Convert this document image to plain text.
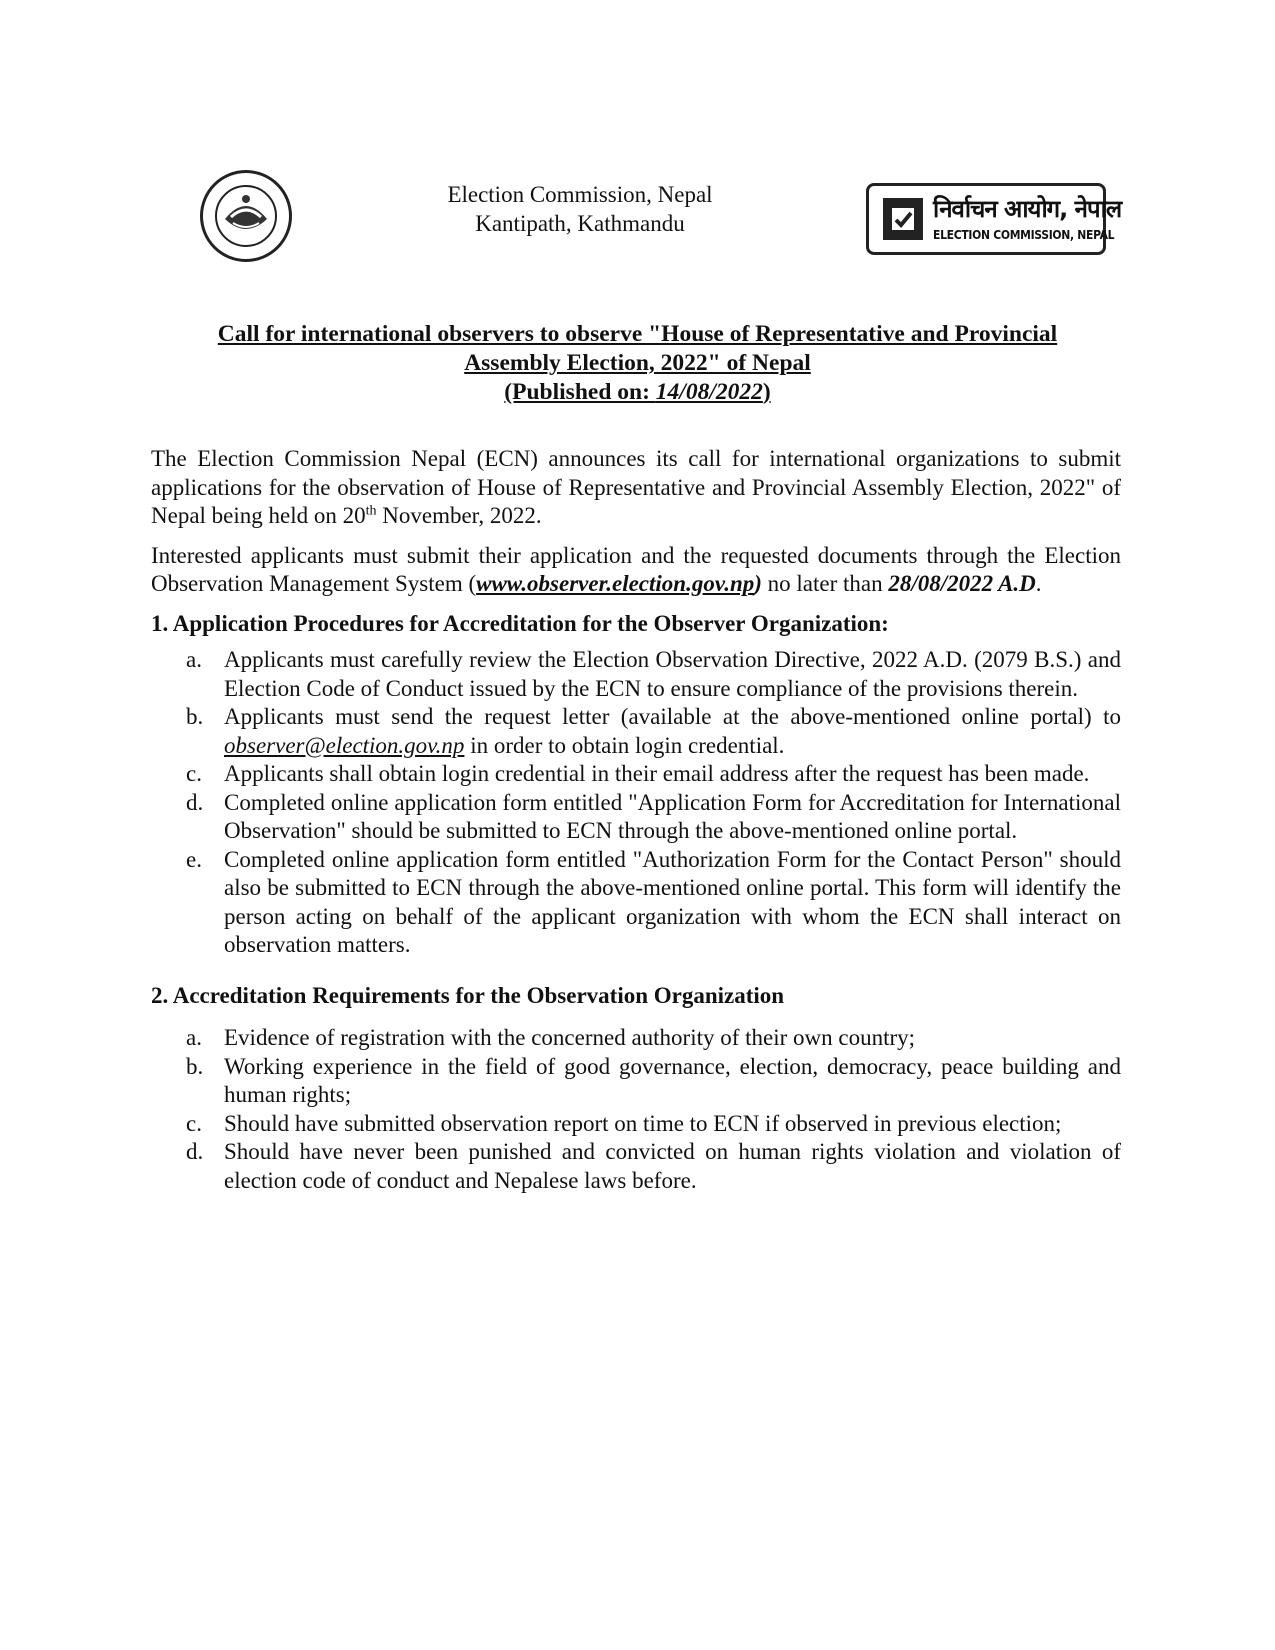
Election Commission, Nepal
Kantipath, Kathmandu
निर्वाचन आयोग, नेपाल
ELECTION COMMISSION, NEPAL
Call for international observers to observe "House of Representative and Provincial
Assembly Election, 2022" of Nepal
(Published on: 14/08/2022)

The Election Commission Nepal (ECN) announces its call for international organizations to submit applications for the observation of House of Representative and Provincial Assembly Election, 2022" of Nepal being held on 20th November, 2022.

Interested applicants must submit their application and the requested documents through the Election Observation Management System (www.observer.election.gov.np) no later than 28/08/2022 A.D.

1. Application Procedures for Accreditation for the Observer Organization:
a. Applicants must carefully review the Election Observation Directive, 2022 A.D. (2079 B.S.) and Election Code of Conduct issued by the ECN to ensure compliance of the provisions therein.
b. Applicants must send the request letter (available at the above-mentioned online portal) to observer@election.gov.np in order to obtain login credential.
c. Applicants shall obtain login credential in their email address after the request has been made.
d. Completed online application form entitled "Application Form for Accreditation for International Observation" should be submitted to ECN through the above-mentioned online portal.
e. Completed online application form entitled "Authorization Form for the Contact Person" should also be submitted to ECN through the above-mentioned online portal. This form will identify the person acting on behalf of the applicant organization with whom the ECN shall interact on observation matters.
2. Accreditation Requirements for the Observation Organization
a. Evidence of registration with the concerned authority of their own country;
b. Working experience in the field of good governance, election, democracy, peace building and human rights;
c. Should have submitted observation report on time to ECN if observed in previous election;
d. Should have never been punished and convicted on human rights violation and violation of election code of conduct and Nepalese laws before.
